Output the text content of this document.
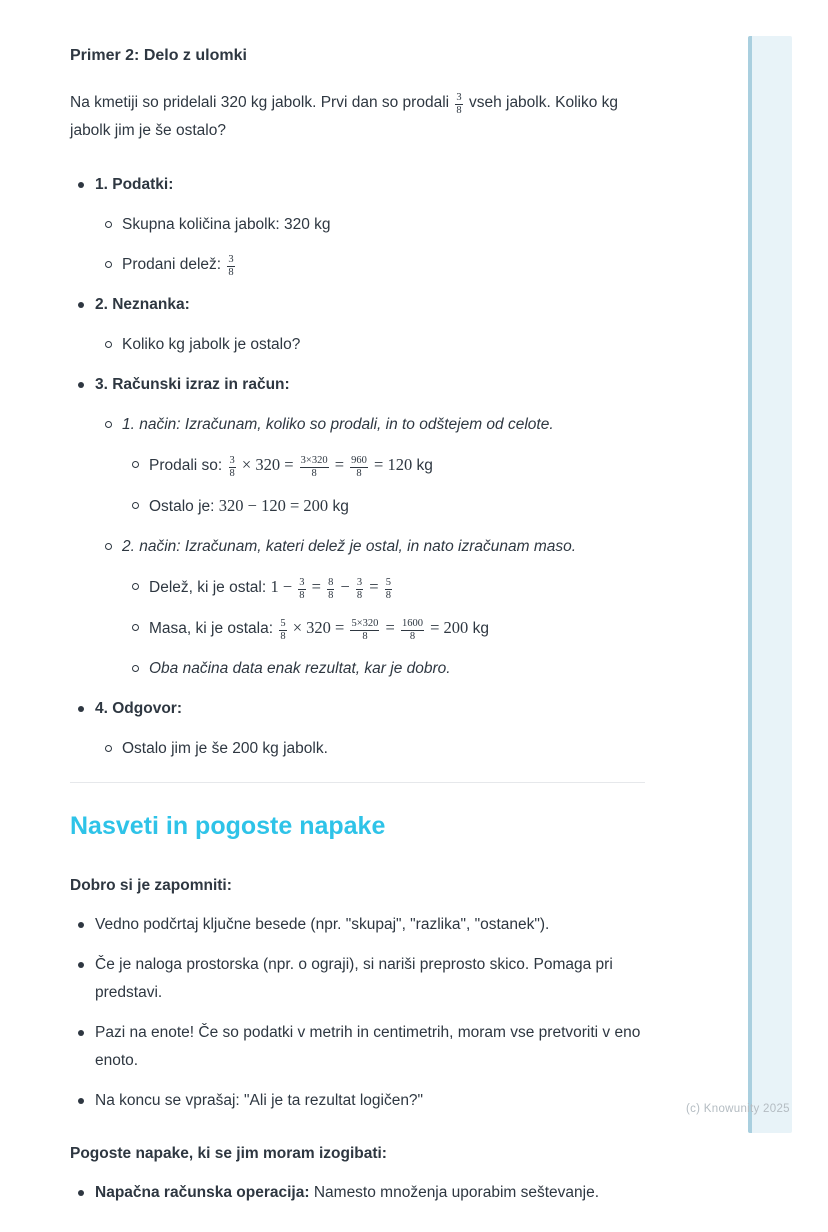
Primer 2: Delo z ulomki

Na kmetiji so pridelali 320 kg jabolk. Prvi dan so prodali $\frac{3}{8}$ vseh jabolk. Koliko kg jabolk jim je še ostalo?

1. Podatki:
Skupna količina jabolk: 320 kg
Prodani delež: $\frac{3}{8}$
2. Neznanka:
Koliko kg jabolk je ostalo?
3. Računski izraz in račun:
1. način: Izračunam, koliko so prodali, in to odštejem od celote.
Prodali so: $\frac{3}{8} \times 320 = \frac{3\times 320}{8} = \frac{960}{8} = 120$ kg
Ostalo je: 320 − 120 = 200 kg
2. način: Izračunam, kateri delež je ostal, in nato izračunam maso.
Delež, ki je ostal: $1 - \frac{3}{8} = \frac{8}{8} - \frac{3}{8} = \frac{5}{8}$
Masa, ki je ostala: $\frac{5}{8} \times 320 = \frac{5\times 320}{8} = \frac{1600}{8} = 200$ kg
Oba načina data enak rezultat, kar je dobro.
4. Odgovor:
Ostalo jim je še 200 kg jabolk.
Nasveti in pogoste napake

Dobro si je zapomniti:

Vedno podčrtaj ključne besede (npr. "skupaj", "razlika", "ostanek").
Če je naloga prostorska (npr. o ograji), si nariši preprosto skico. Pomaga pri predstavi.
Pazi na enote! Če so podatki v metrih in centimetrih, moram vse pretvoriti v eno enoto.
Na koncu se vprašaj: "Ali je ta rezultat logičen?"

Pogoste napake, ki se jim moram izogibati:

Napačna računska operacija: Namesto množenja uporabim seštevanje.
(c) Knowunity 2025
